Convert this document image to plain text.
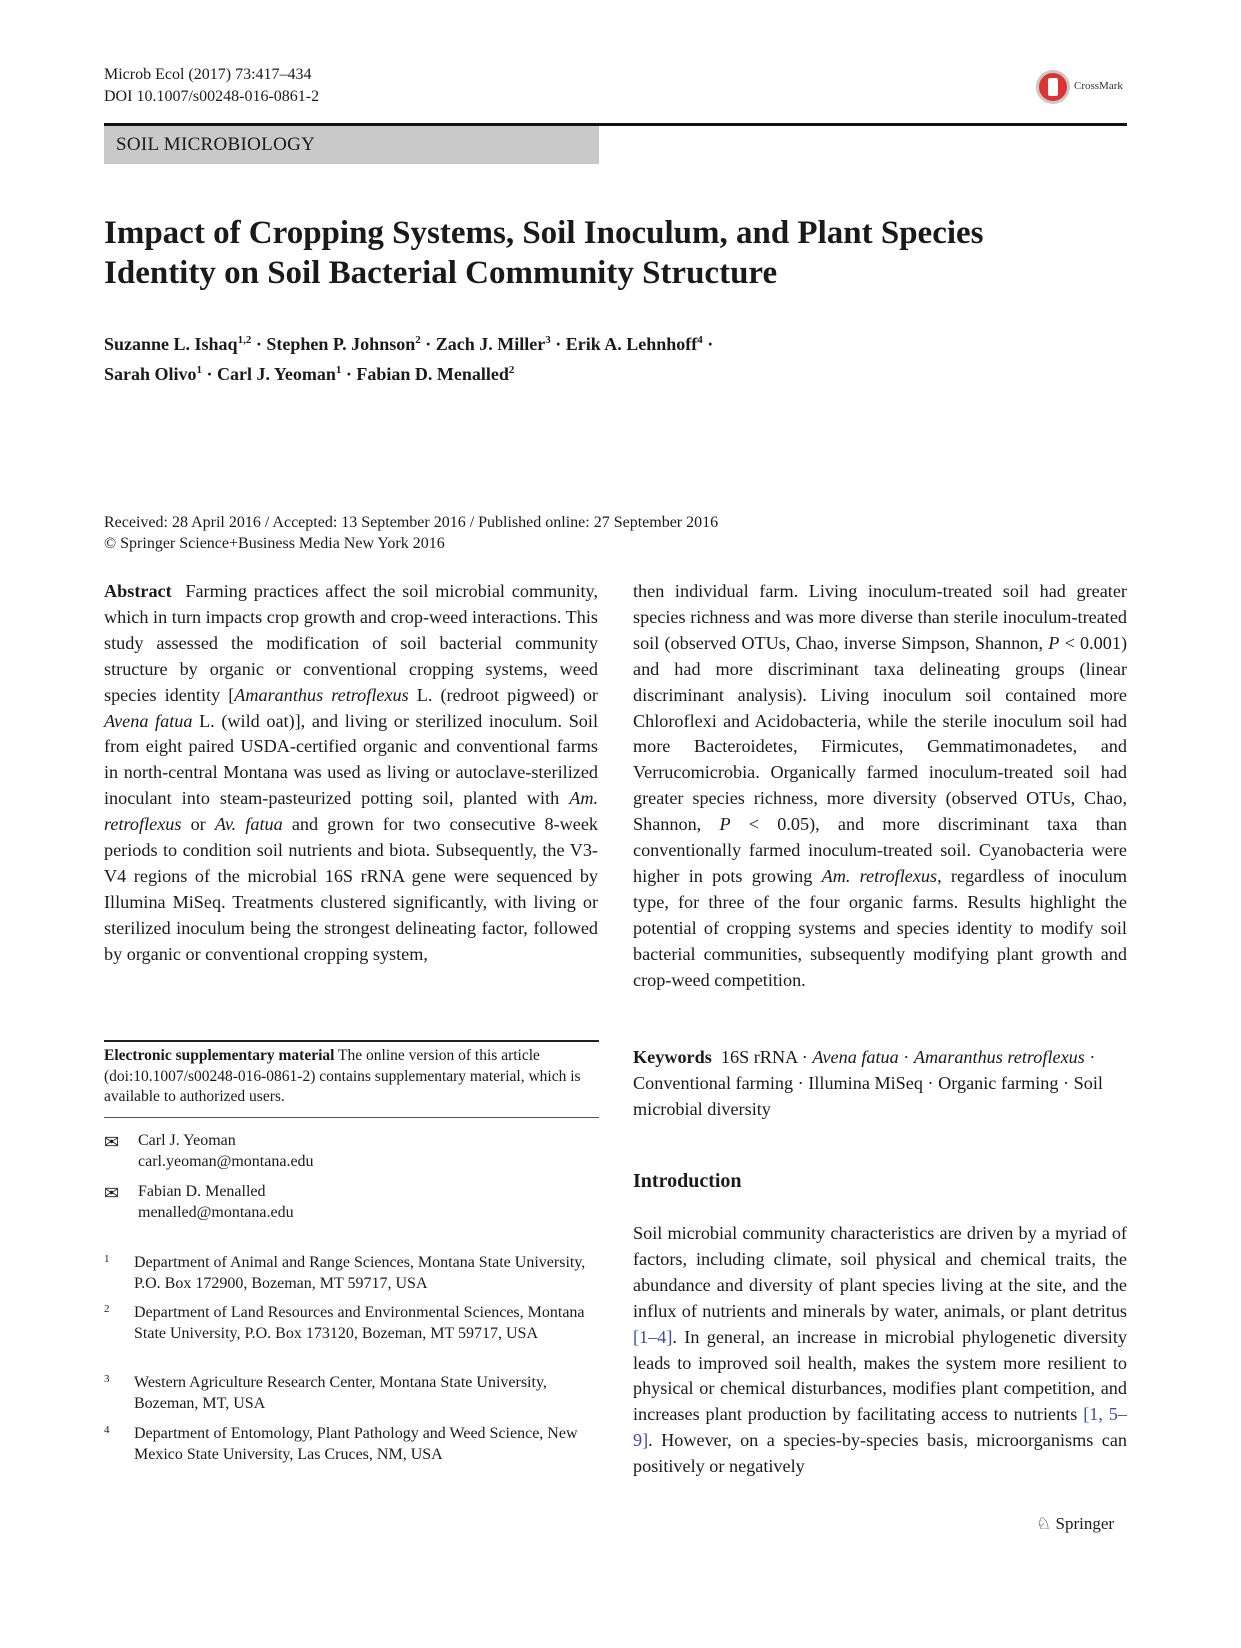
Microb Ecol (2017) 73:417–434
DOI 10.1007/s00248-016-0861-2
CrossMark
SOIL MICROBIOLOGY
Impact of Cropping Systems, Soil Inoculum, and Plant Species
Identity on Soil Bacterial Community Structure
Suzanne L. Ishaq$^{1,2}$ · Stephen P. Johnson$^2$ · Zach J. Miller$^3$ · Erik A. Lehnhoff$^4$ ·
Sarah Olivo$^1$ · Carl J. Yeoman$^1$ · Fabian D. Menalled$^2$
Received: 28 April 2016 / Accepted: 13 September 2016 / Published online: 27 September 2016
© Springer Science+Business Media New York 2016
Abstract Farming practices affect the soil microbial community, which in turn impacts crop growth and crop-weed interactions. This study assessed the modification of soil bacterial community structure by organic or conventional cropping systems, weed species identity [Amaranthus retroflexus L. (redroot pigweed) or Avena fatua L. (wild oat)], and living or sterilized inoculum. Soil from eight paired USDA-certified organic and conventional farms in north-central Montana was used as living or autoclave-sterilized inoculant into steam-pasteurized potting soil, planted with Am. retroflexus or Av. fatua and grown for two consecutive 8-week periods to condition soil nutrients and biota. Subsequently, the V3-V4 regions of the microbial 16S rRNA gene were sequenced by Illumina MiSeq. Treatments clustered significantly, with living or sterilized inoculum being the strongest delineating factor, followed by organic or conventional cropping system,
then individual farm. Living inoculum-treated soil had greater species richness and was more diverse than sterile inoculum-treated soil (observed OTUs, Chao, inverse Simpson, Shannon, P < 0.001) and had more discriminant taxa delineating groups (linear discriminant analysis). Living inoculum soil contained more Chloroflexi and Acidobacteria, while the sterile inoculum soil had more Bacteroidetes, Firmicutes, Gemmatimonadetes, and Verrucomicrobia. Organically farmed inoculum-treated soil had greater species richness, more diversity (observed OTUs, Chao, Shannon, P < 0.05), and more discriminant taxa than conventionally farmed inoculum-treated soil. Cyanobacteria were higher in pots growing Am. retroflexus, regardless of inoculum type, for three of the four organic farms. Results highlight the potential of cropping systems and species identity to modify soil bacterial communities, subsequently modifying plant growth and crop-weed competition.
Electronic supplementary material The online version of this article (doi:10.1007/s00248-016-0861-2) contains supplementary material, which is available to authorized users.
✉ Carl J. Yeoman
carl.yeoman@montana.edu
✉ Fabian D. Menalled
menalled@montana.edu
1 Department of Animal and Range Sciences, Montana State University, P.O. Box 172900, Bozeman, MT 59717, USA
2 Department of Land Resources and Environmental Sciences, Montana State University, P.O. Box 173120, Bozeman, MT 59717, USA
3 Western Agriculture Research Center, Montana State University, Bozeman, MT, USA
4 Department of Entomology, Plant Pathology and Weed Science, New Mexico State University, Las Cruces, NM, USA
Keywords 16S rRNA · Avena fatua · Amaranthus retroflexus · Conventional farming · Illumina MiSeq · Organic farming · Soil microbial diversity
Introduction
Soil microbial community characteristics are driven by a myriad of factors, including climate, soil physical and chemical traits, the abundance and diversity of plant species living at the site, and the influx of nutrients and minerals by water, animals, or plant detritus [1–4]. In general, an increase in microbial phylogenetic diversity leads to improved soil health, makes the system more resilient to physical or chemical disturbances, modifies plant competition, and increases plant production by facilitating access to nutrients [1, 5–9]. However, on a species-by-species basis, microorganisms can positively or negatively
♘ Springer
